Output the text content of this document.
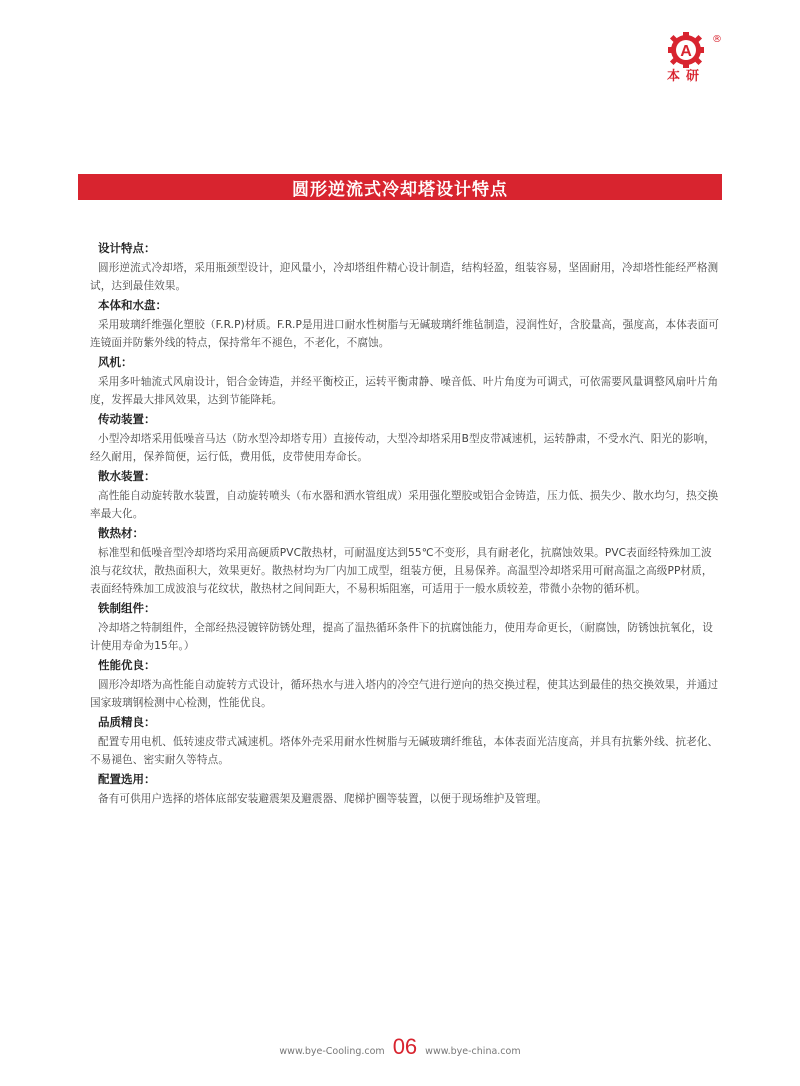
A
®
本研
圆形逆流式冷却塔设计特点
设计特点：
圆形逆流式冷却塔，采用瓶颈型设计，迎风量小，冷却塔组件精心设计制造，结构轻盈，组装容易，坚固耐用，冷却塔性能经严格测试，达到最佳效果。
本体和水盘：
采用玻璃纤维强化塑胶（F.R.P)材质。F.R.P是用进口耐水性树脂与无碱玻璃纤维毡制造，浸润性好，含胶量高，强度高，本体表面可连镜面并防紫外线的特点，保持常年不褪色，不老化，不腐蚀。
风机：
采用多叶轴流式风扇设计，铝合金铸造，并经平衡校正，运转平衡肃静、噪音低、叶片角度为可调式，可依需要风量调整风扇叶片角度，发挥最大排风效果，达到节能降耗。
传动装置：
小型冷却塔采用低噪音马达（防水型冷却塔专用）直接传动，大型冷却塔采用B型皮带减速机，运转静肃，不受水汽、阳光的影响，经久耐用，保养简便，运行低，费用低，皮带使用寿命长。
散水装置：
高性能自动旋转散水装置，自动旋转喷头（布水器和洒水管组成）采用强化塑胶或铝合金铸造，压力低、损失少、散水均匀，热交换率最大化。
散热材：
标准型和低噪音型冷却塔均采用高硬质PVC散热材，可耐温度达到55℃不变形，具有耐老化，抗腐蚀效果。PVC表面经特殊加工波浪与花纹状，散热面积大，效果更好。散热材均为厂内加工成型，组装方便，且易保养。高温型冷却塔采用可耐高温之高级PP材质，表面经特殊加工成波浪与花纹状，散热材之间间距大，不易积垢阻塞，可适用于一般水质较差，带微小杂物的循环机。
铁制组件：
冷却塔之特制组件，全部经热浸镀锌防锈处理，提高了温热循环条件下的抗腐蚀能力，使用寿命更长，（耐腐蚀，防锈蚀抗氧化，设计使用寿命为15年。）
性能优良：
圆形冷却塔为高性能自动旋转方式设计，循环热水与进入塔内的冷空气进行逆向的热交换过程，使其达到最佳的热交换效果，并通过国家玻璃钢检测中心检测，性能优良。
品质精良：
配置专用电机、低转速皮带式减速机。塔体外壳采用耐水性树脂与无碱玻璃纤维毡，本体表面光洁度高，并具有抗紫外线、抗老化、不易褪色、密实耐久等特点。
配置选用：
备有可供用户选择的塔体底部安装避震架及避震器、爬梯护圈等装置，以便于现场维护及管理。
www.bye-Cooling.com 06 www.bye-china.com
